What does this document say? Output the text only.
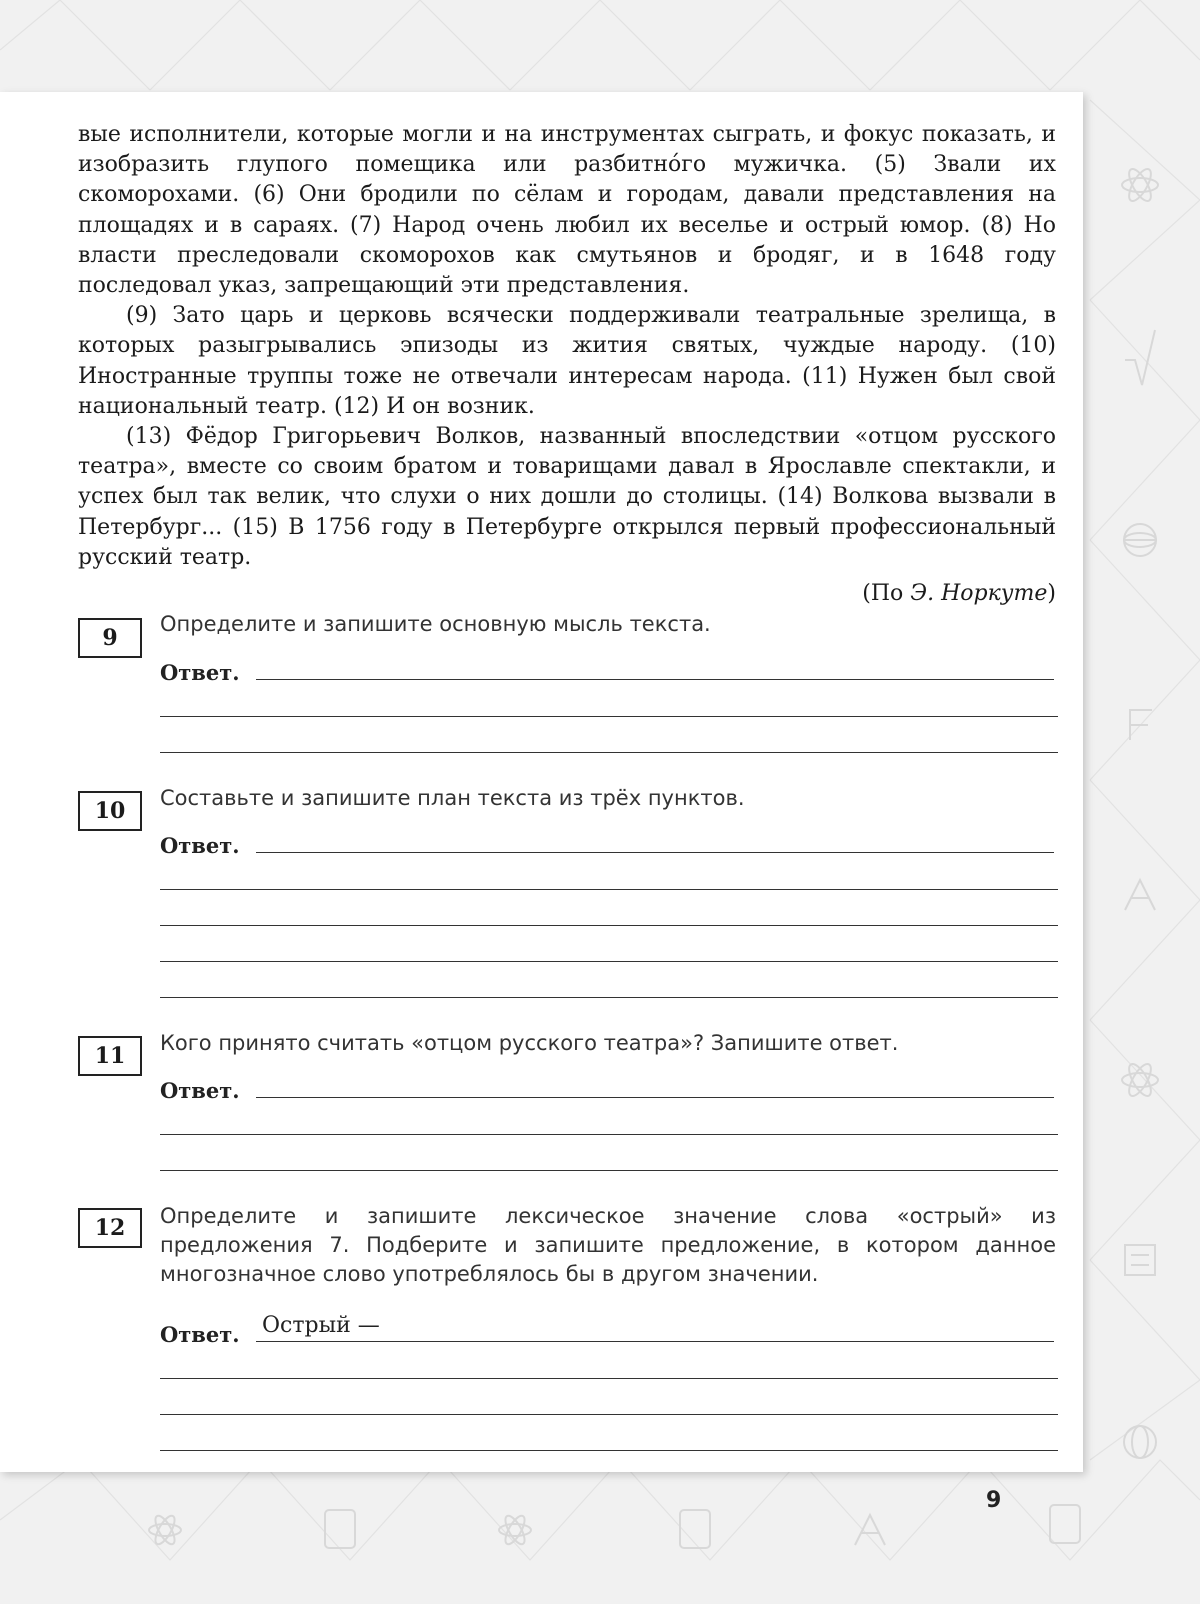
вые исполнители, которые могли и на инструментах сыграть, и фокус показать, и изобразить глупого помещика или разбитно́го мужичка. (5) Звали их скоморохами. (6) Они бродили по сёлам и городам, давали представления на площадях и в сараях. (7) Народ очень любил их веселье и острый юмор. (8) Но власти преследовали скоморохов как смутьянов и бродяг, и в 1648 году последовал указ, запрещающий эти представления.

(9) Зато царь и церковь всячески поддерживали театральные зрелища, в которых разыгрывались эпизоды из жития святых, чуждые народу. (10) Иностранные труппы тоже не отвечали интересам народа. (11) Нужен был свой национальный театр. (12) И он возник.

(13) Фёдор Григорьевич Волков, названный впоследствии «отцом русского театра», вместе со своим братом и товарищами давал в Ярославле спектакли, и успех был так велик, что слухи о них дошли до столицы. (14) Волкова вызвали в Петербург... (15) В 1756 году в Петербурге открылся первый профессиональный русский театр.

(По Э. Норкуте)
9
Определите и запишите основную мысль текста.
Ответ.
10	Составьте и запишите план текста из трёх пунктов.
Ответ.
11	Кого принято считать «отцом русского театра»? Запишите ответ.
Ответ.
12	Определите и запишите лексическое значение слова «острый» из предложения 7. Подберите и запишите предложение, в котором данное многозначное слово употреблялось бы в другом значении.
Ответ. Острый —
9
